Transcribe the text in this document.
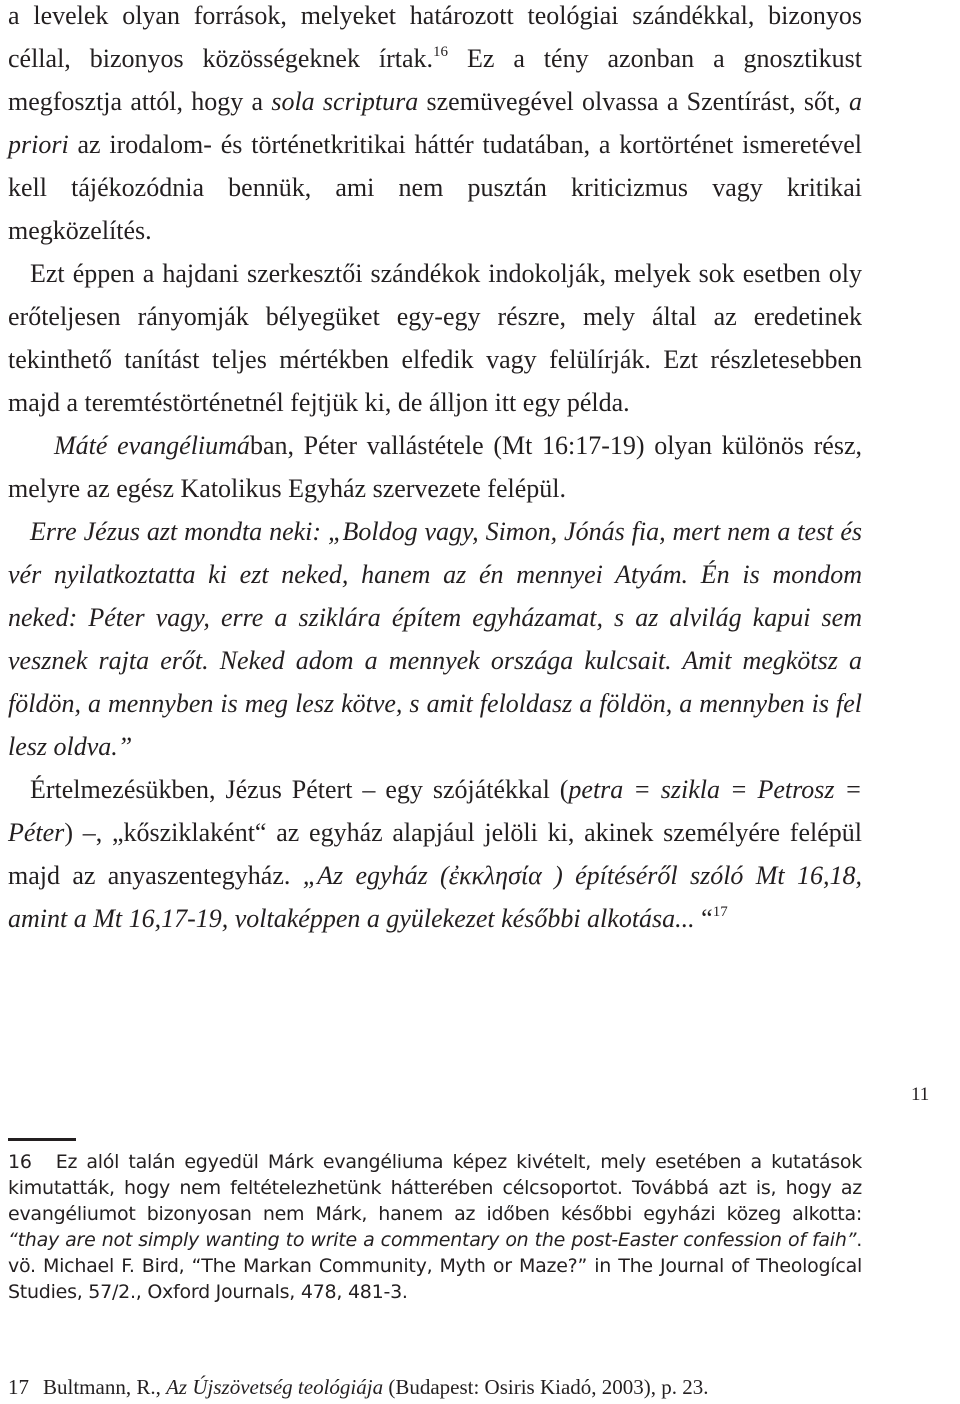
a levelek olyan források, melyeket határozott teológiai szándékkal, bizonyos céllal, bizonyos közösségeknek írtak.$^{16}$ Ez a tény azonban a gnosztikust megfosztja attól, hogy a sola scriptura szemüvegével olvassa a Szentírást, sőt, a priori az irodalom- és történetkritikai háttér tudatában, a kortörténet ismeretével kell tájékozódnia bennük, ami nem pusztán kriticizmus vagy kritikai megközelítés.

Ezt éppen a hajdani szerkesztői szándékok indokolják, melyek sok esetben oly erőteljesen rányomják bélyegüket egy-egy részre, mely által az eredetinek tekinthető tanítást teljes mértékben elfedik vagy felülírják. Ezt részletesebben majd a teremtéstörténetnél fejtjük ki, de álljon itt egy példa.

Máté evangéliumában, Péter vallástétele (Mt 16:17-19) olyan különös rész, melyre az egész Katolikus Egyház szervezete felépül.

Erre Jézus azt mondta neki: „Boldog vagy, Simon, Jónás fia, mert nem a test és vér nyilatkoztatta ki ezt neked, hanem az én mennyei Atyám. Én is mondom neked: Péter vagy, erre a sziklára építem egyházamat, s az alvilág kapui sem vesznek rajta erőt. Neked adom a mennyek országa kulcsait. Amit megkötsz a földön, a mennyben is meg lesz kötve, s amit feloldasz a földön, a mennyben is fel lesz oldva.”

Értelmezésükben, Jézus Pétert – egy szójátékkal (petra = szikla = Petrosz = Péter) –, „kősziklaként“ az egyház alapjául jelöli ki, akinek személyére felépül majd az anyaszentegyház. „Az egyház (ἐκκλησία ) építéséről szóló Mt 16,18, amint a Mt 16,17-19, voltaképpen a gyülekezet későbbi alkotása... “$^{17}$

11

16 Ez alól talán egyedül Márk evangéliuma képez kivételt, mely esetében a kutatások kimutatták, hogy nem feltételezhetünk hátterében célcsoportot. Továbbá azt is, hogy az evangéliumot bizonyosan nem Márk, hanem az időben későbbi egyházi közeg alkotta: “thay are not simply wanting to write a commentary on the post-Easter confession of faih”. vö. Michael F. Bird, “The Markan Community, Myth or Maze?” in The Journal of Theologícal Studies, 57/2., Oxford Journals, 478, 481-3.

17 Bultmann, R., Az Újszövetség teológiája (Budapest: Osiris Kiadó, 2003), p. 23.
